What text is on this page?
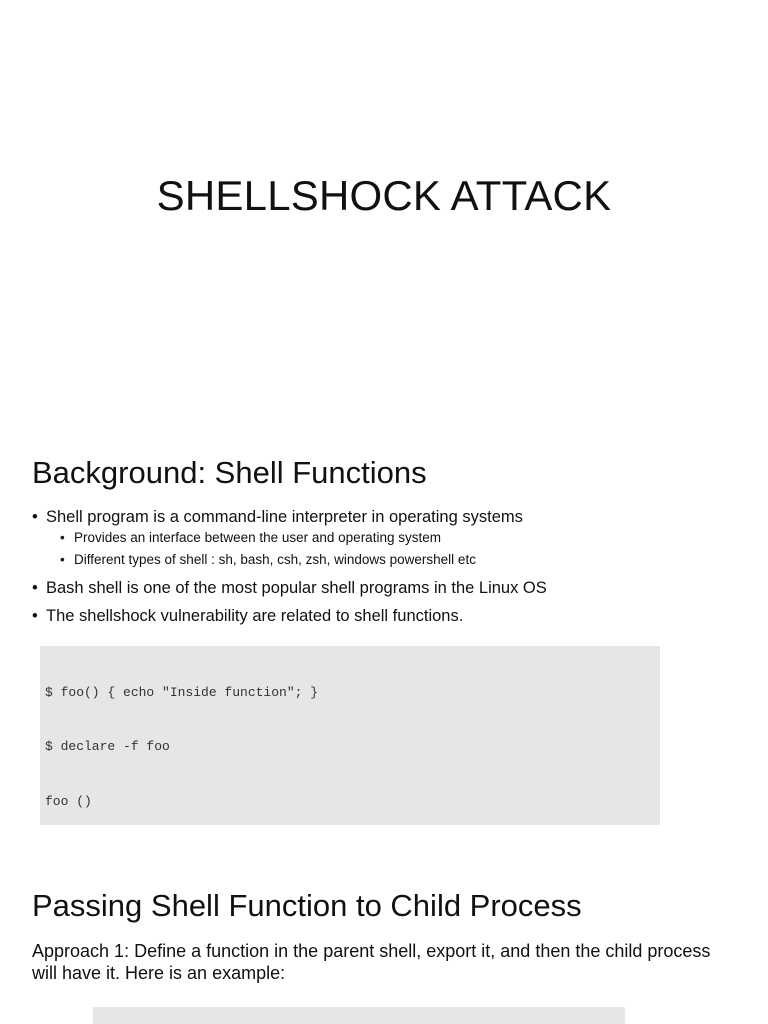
SHELLSHOCK ATTACK
Background: Shell Functions
• Shell program is a command-line interpreter in operating systems
• Provides an interface between the user and operating system
• Different types of shell : sh, bash, csh, zsh, windows powershell etc
• Bash shell is one of the most popular shell programs in the Linux OS
• The shellshock vulnerability are related to shell functions.

$ foo() { echo "Inside function"; }

$ declare -f foo

foo ()

Passing Shell Function to Child Process
Approach 1: Define a function in the parent shell, export it, and then the child process will have it. Here is an example:
